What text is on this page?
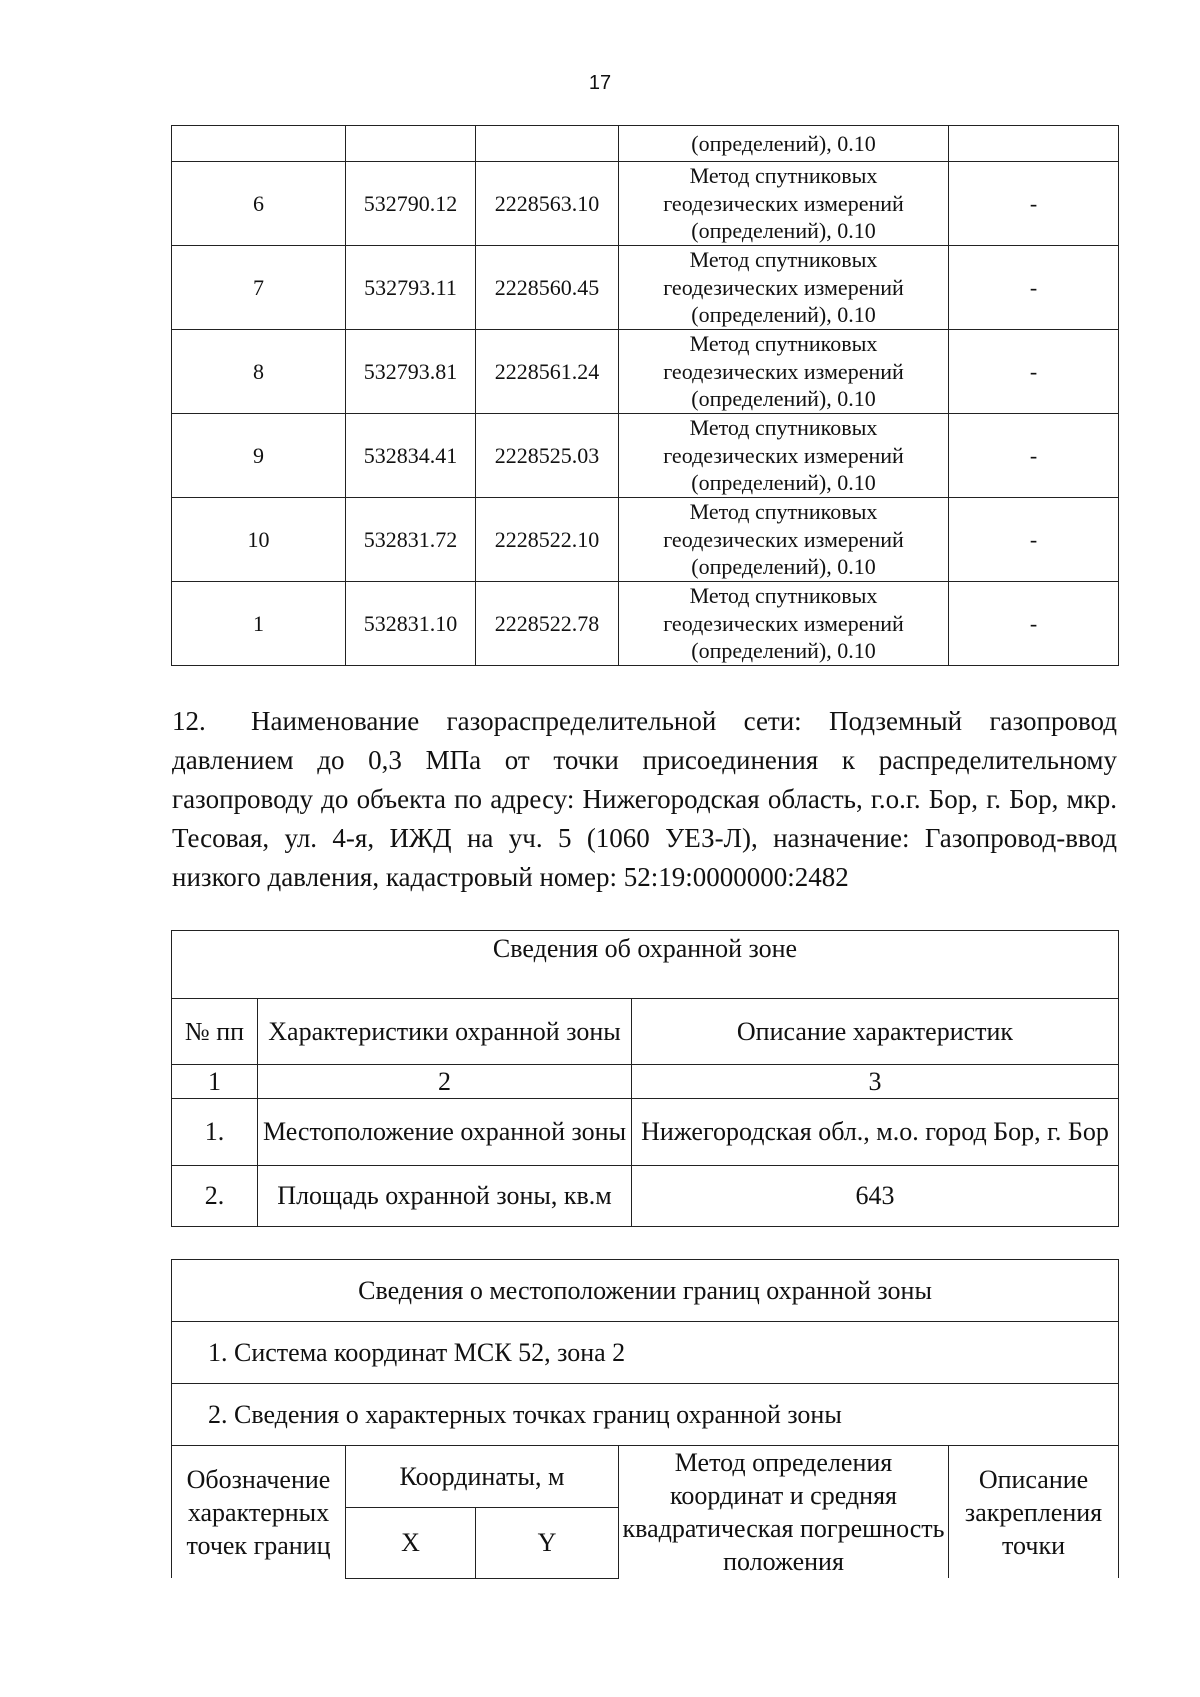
17
			(определений), 0.10	
6	532790.12	2228563.10	Метод спутниковых
геодезических измерений
(определений), 0.10	-
7	532793.11	2228560.45	Метод спутниковых
геодезических измерений
(определений), 0.10	-
8	532793.81	2228561.24	Метод спутниковых
геодезических измерений
(определений), 0.10	-
9	532834.41	2228525.03	Метод спутниковых
геодезических измерений
(определений), 0.10	-
10	532831.72	2228522.10	Метод спутниковых
геодезических измерений
(определений), 0.10	-
1	532831.10	2228522.78	Метод спутниковых
геодезических измерений
(определений), 0.10	-
12. Наименование газораспределительной сети: Подземный газопровод давлением до 0,3 МПа от точки присоединения к распределительному газопроводу до объекта по адресу: Нижегородская область, г.о.г. Бор, г. Бор, мкр. Тесовая, ул. 4-я, ИЖД на уч. 5 (1060 УЕЗ-Л), назначение: Газопровод-ввод низкого давления, кадастровый номер: 52:19:0000000:2482
Сведения об охранной зоне		
№ пп	Характеристики охранной зоны	Описание характеристик
1	2	3
1.	Местоположение охранной зоны	Нижегородская обл., м.о. город Бор, г. Бор
2.	Площадь охранной зоны, кв.м	643
Сведения о местоположении границ охранной зоны				
1. Система координат МСК 52, зона 2				
2. Сведения о характерных точках границ охранной зоны				
Обозначение характерных точек границ	Координаты, м		Метод определения координат и средняя квадратическая погрешность положения	Описание закрепления точки
	X	Y		
